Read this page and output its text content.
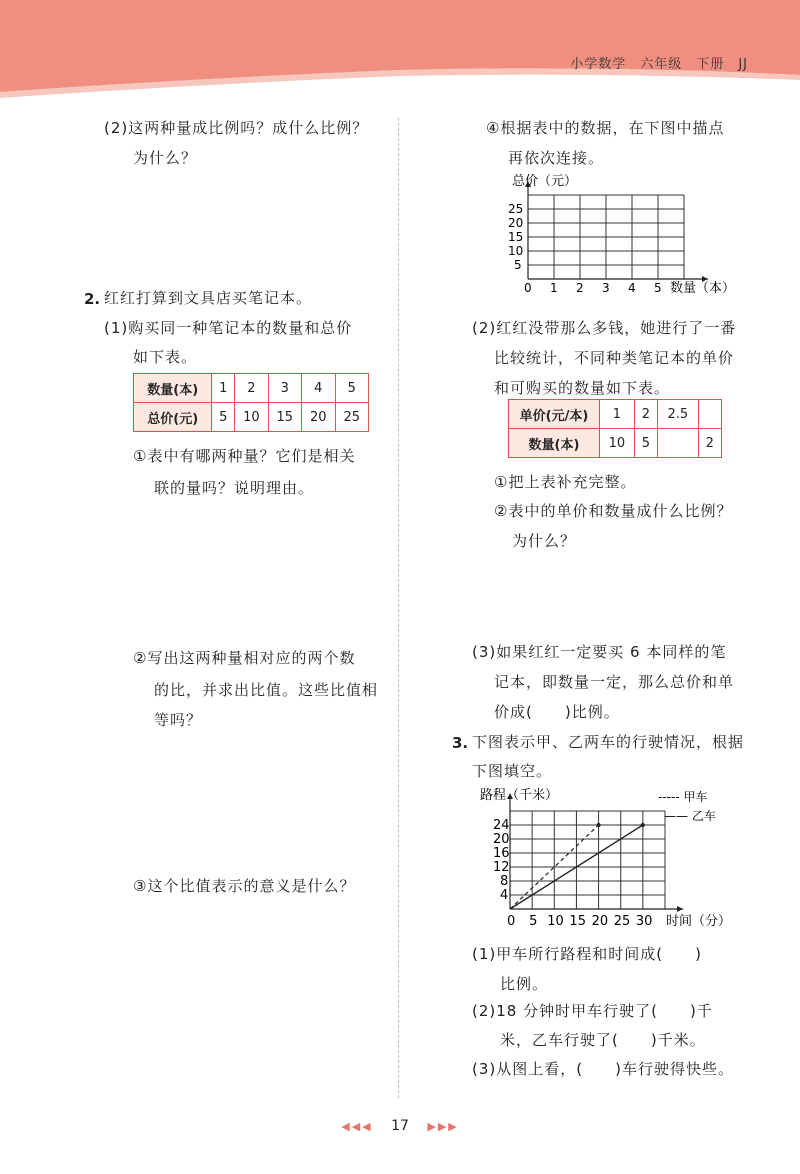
小学数学 六年级 下册 JJ
(2)这两种量成比例吗？成什么比例？
为什么？
2. 红红打算到文具店买笔记本。
(1)购买同一种笔记本的数量和总价
如下表。
数量(本)	1	2	3	4	5
总价(元)	5	10	15	20	25
①表中有哪两种量？它们是相关
联的量吗？说明理由。
②写出这两种量相对应的两个数
的比，并求出比值。这些比值相
等吗？
③这个比值表示的意义是什么？
④根据表中的数据，在下图中描点
再依次连接。
总价（元）
数量（本）
5
10
15
20
25
0 1 2 3 4 5
(2)红红没带那么多钱，她进行了一番
比较统计，不同种类笔记本的单价
和可购买的数量如下表。
单价(元/本)	1	2	2.5	
数量(本)	10	5		2
①把上表补充完整。
②表中的单价和数量成什么比例？
为什么？
(3)如果红红一定要买 6 本同样的笔
记本，即数量一定，那么总价和单
价成(　　)比例。
3. 下图表示甲、乙两车的行驶情况，根据
下图填空。
0 5 10 15 20 25 30
4
8
12
16
20
24
路程（千米）
时间（分）
----- 甲车
—— 乙车
(1)甲车所行路程和时间成(　　)
比例。
(2)18 分钟时甲车行驶了(　　)千
米，乙车行驶了(　　)千米。
(3)从图上看，(　　)车行驶得快些。
◀◀◀ 17 ▶▶▶
